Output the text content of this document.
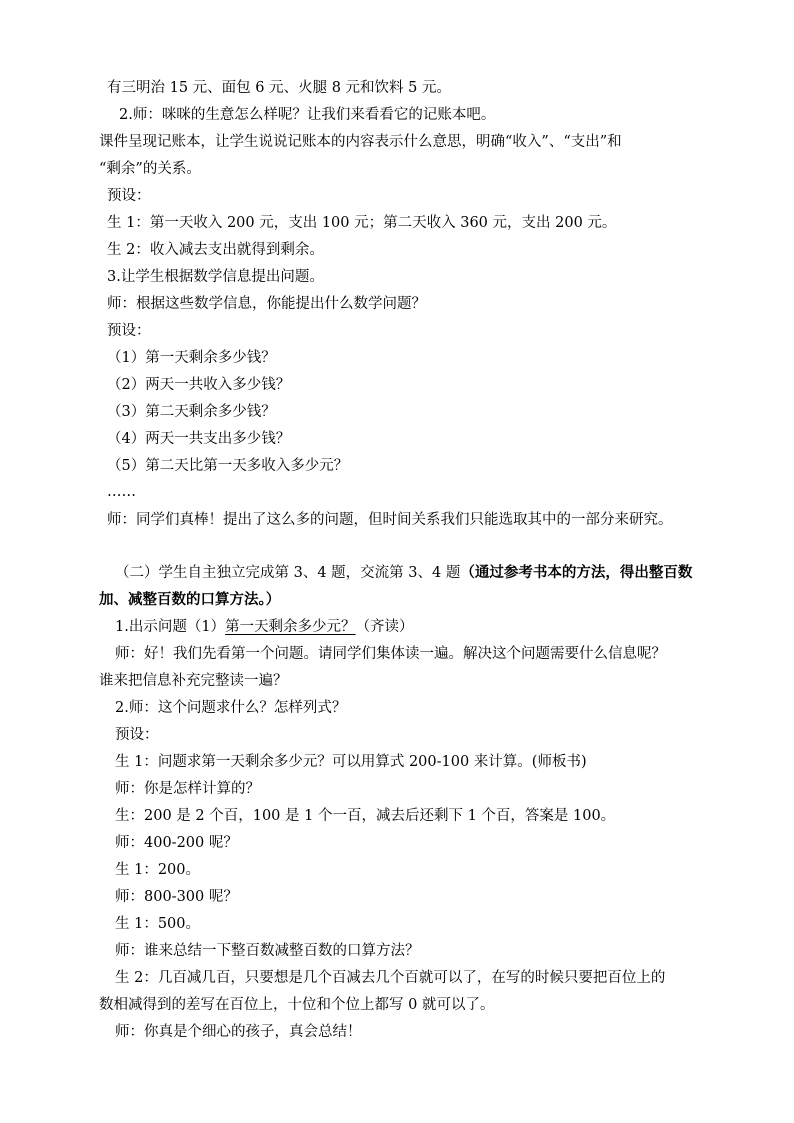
有三明治 15 元、面包 6 元、火腿 8 元和饮料 5 元。

2.师：咪咪的生意怎么样呢？让我们来看看它的记账本吧。

课件呈现记账本，让学生说说记账本的内容表示什么意思，明确“收入”、“支出”和

“剩余”的关系。

预设：

生 1：第一天收入 200 元，支出 100 元；第二天收入 360 元，支出 200 元。

生 2：收入减去支出就得到剩余。

3.让学生根据数学信息提出问题。

师：根据这些数学信息，你能提出什么数学问题？

预设：

（1）第一天剩余多少钱？

（2）两天一共收入多少钱？

（3）第二天剩余多少钱？

（4）两天一共支出多少钱？

（5）第二天比第一天多收入多少元？

……

师：同学们真棒！提出了这么多的问题，但时间关系我们只能选取其中的一部分来研究。

（二）学生自主独立完成第 3、4 题，交流第 3、4 题（通过参考书本的方法，得出整百数

加、减整百数的口算方法。）

1.出示问题（1）第一天剩余多少元？（齐读）

师：好！我们先看第一个问题。请同学们集体读一遍。解决这个问题需要什么信息呢？

谁来把信息补充完整读一遍？

2.师：这个问题求什么？怎样列式？

预设：

生 1：问题求第一天剩余多少元？可以用算式 200-100 来计算。(师板书)

师：你是怎样计算的？

生：200 是 2 个百，100 是 1 个一百，减去后还剩下 1 个百，答案是 100。

师：400-200 呢？

生 1：200。

师：800-300 呢？

生 1：500。

师：谁来总结一下整百数减整百数的口算方法？

生 2：几百减几百，只要想是几个百减去几个百就可以了，在写的时候只要把百位上的

数相减得到的差写在百位上，十位和个位上都写 0 就可以了。

师：你真是个细心的孩子，真会总结！
